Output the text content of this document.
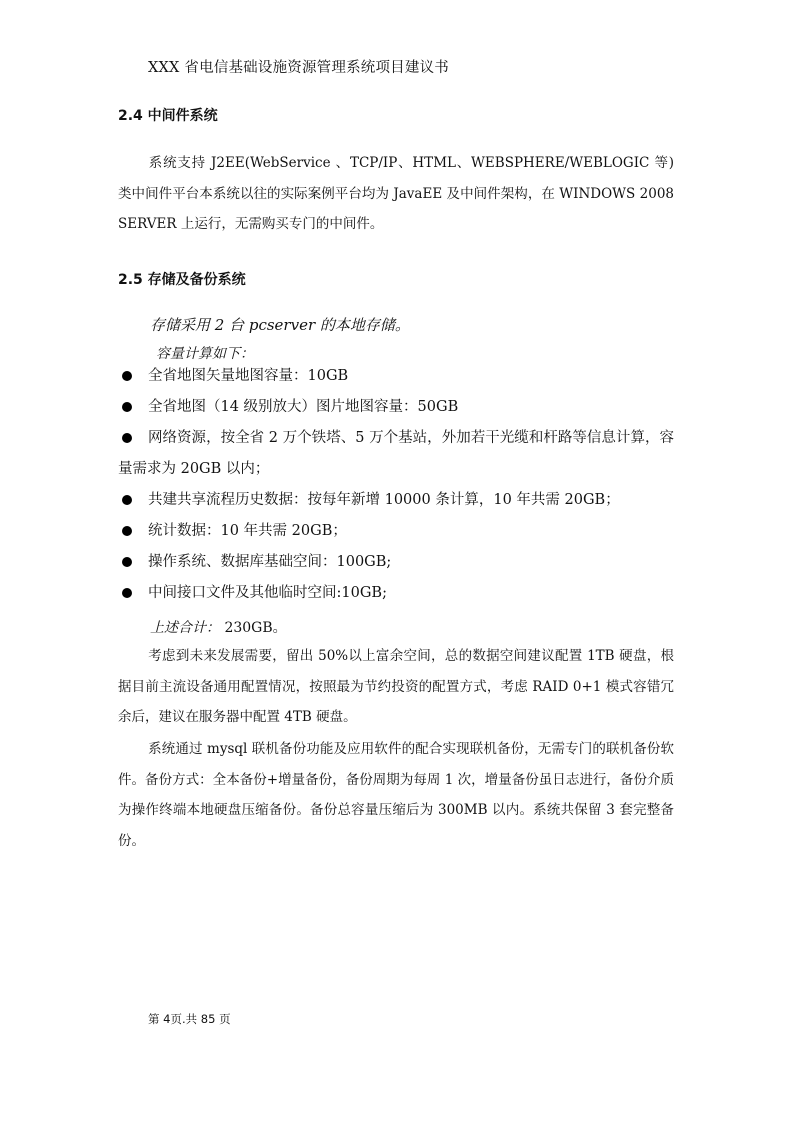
XXX 省电信基础设施资源管理系统项目建议书
2.4 中间件系统
系统支持 J2EE(WebService 、TCP/IP、HTML、WEBSPHERE/WEBLOGIC 等)类中间件平台本系统以往的实际案例平台均为 JavaEE 及中间件架构，在 WINDOWS 2008 SERVER 上运行，无需购买专门的中间件。
2.5 存储及备份系统
存储采用 2 台 pcserver 的本地存储。
容量计算如下：
全省地图矢量地图容量：10GB
全省地图（14 级别放大）图片地图容量：50GB
网络资源，按全省 2 万个铁塔、5 万个基站，外加若干光缆和杆路等信息计算，容量需求为 20GB 以内；
共建共享流程历史数据：按每年新增 10000 条计算，10 年共需 20GB；
统计数据：10 年共需 20GB；
操作系统、数据库基础空间：100GB;
中间接口文件及其他临时空间:10GB;
上述合计： 230GB。
考虑到未来发展需要，留出 50%以上富余空间，总的数据空间建议配置 1TB 硬盘，根据目前主流设备通用配置情况，按照最为节约投资的配置方式，考虑 RAID 0+1 模式容错冗余后，建议在服务器中配置 4TB 硬盘。
系统通过 mysql 联机备份功能及应用软件的配合实现联机备份，无需专门的联机备份软件。备份方式：全本备份+增量备份，备份周期为每周 1 次，增量备份虽日志进行，备份介质为操作终端本地硬盘压缩备份。备份总容量压缩后为 300MB 以内。系统共保留 3 套完整备份。
第 4页.共 85 页
